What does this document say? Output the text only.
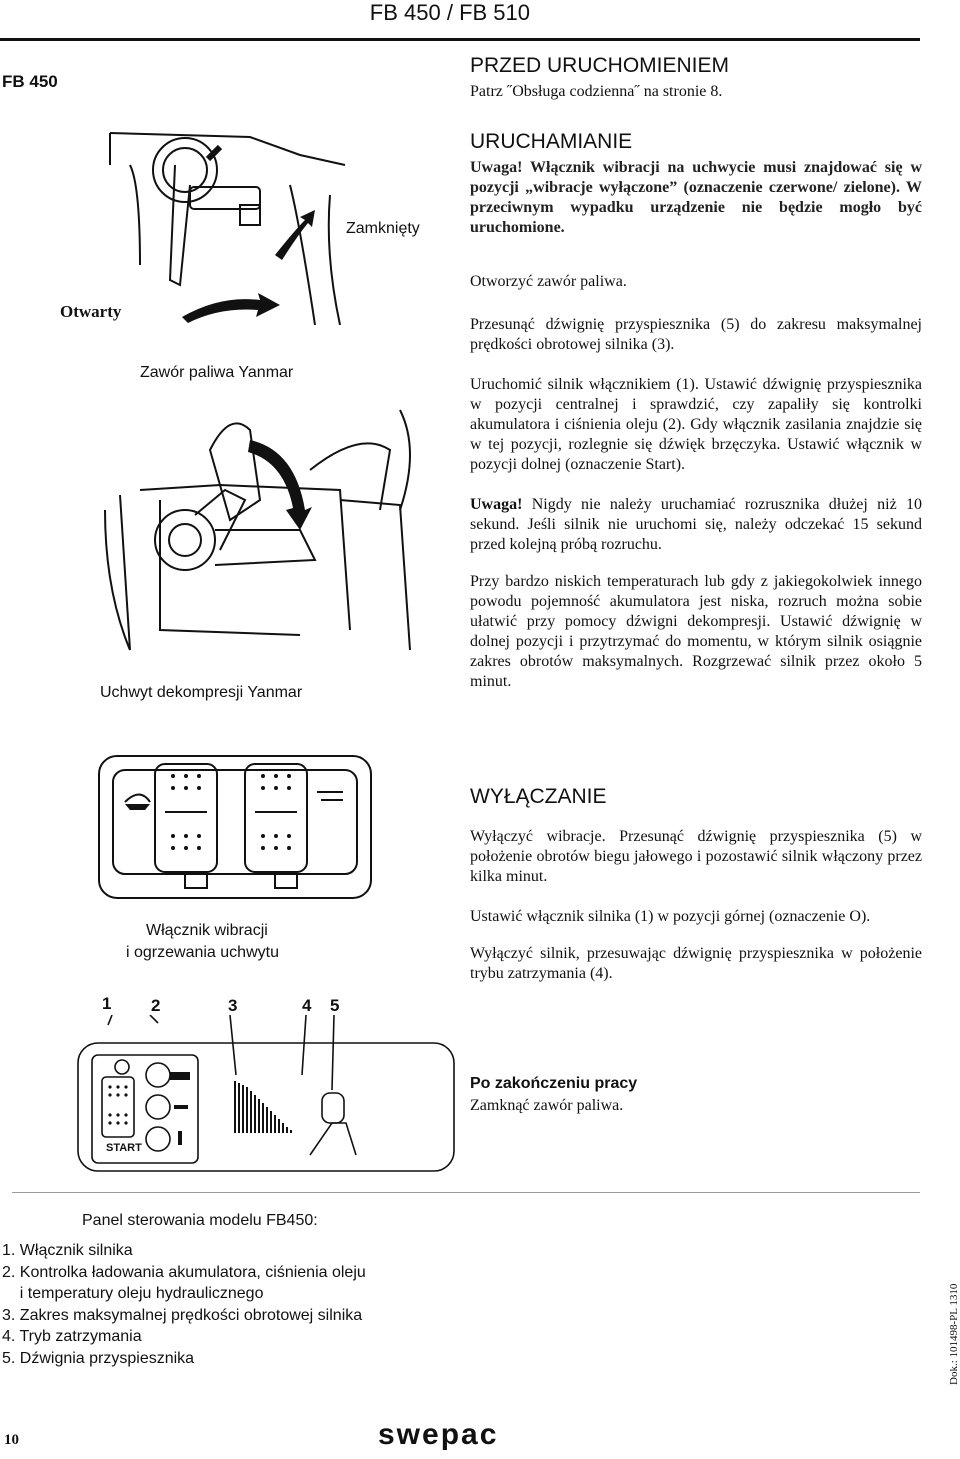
FB 450 / FB 510
FB 450
PRZED URUCHOMIENIEM

Patrz ˝Obsługa codzienna˝ na stronie 8.

URUCHAMIANIE

Uwaga! Włącznik wibracji na uchwycie musi znajdować się w pozycji „wibracje wyłączone” (oznaczenie czerwone/ zielone). W przeciwnym wypadku urządzenie nie będzie mogło być uruchomione.

Otworzyć zawór paliwa.

Przesunąć dźwignię przyspiesznika (5) do zakresu maksymalnej prędkości obrotowej silnika (3).

Uruchomić silnik włącznikiem (1). Ustawić dźwignię przyspiesznika w pozycji centralnej i sprawdzić, czy zapaliły się kontrolki akumulatora i ciśnienia oleju (2). Gdy włącznik zasilania znajdzie się w tej pozycji, rozlegnie się dźwięk brzęczyka. Ustawić włącznik w pozycji dolnej (oznaczenie Start).

Uwaga! Nigdy nie należy uruchamiać rozrusznika dłużej niż 10 sekund. Jeśli silnik nie uruchomi się, należy odczekać 15 sekund przed kolejną próbą rozruchu.

Przy bardzo niskich temperaturach lub gdy z jakiegokolwiek innego powodu pojemność akumulatora jest niska, rozruch można sobie ułatwić przy pomocy dźwigni dekompresji. Ustawić dźwignię w dolnej pozycji i przytrzymać do momentu, w którym silnik osiągnie zakres obrotów maksymalnych. Rozgrzewać silnik przez około 5 minut.

WYŁĄCZANIE

Wyłączyć wibracje. Przesunąć dźwignię przyspiesznika (5) w położenie obrotów biegu jałowego i pozostawić silnik włączony przez kilka minut.

Ustawić włącznik silnika (1) w pozycji górnej (oznaczenie O).

Wyłączyć silnik, przesuwając dźwignię przyspiesznika w położenie trybu zatrzymania (4).

Po zakończeniu pracy

Zamknąć zawór paliwa.

Zamknięty
Otwarty
Zawór paliwa Yanmar
Uchwyt dekompresji Yanmar
Włącznik wibracji
i ogrzewania uchwytu
1 2	3	4 5
START
Panel sterowania modelu FB450:
1. Włącznik silnika
2. Kontrolka ładowania akumulatora, ciśnienia oleju
i temperatury oleju hydraulicznego
3. Zakres maksymalnej prędkości obrotowej silnika
4. Tryb zatrzymania
5. Dźwignia przyspiesznika
10	swepac
Dok.: 101498-PL 1310
